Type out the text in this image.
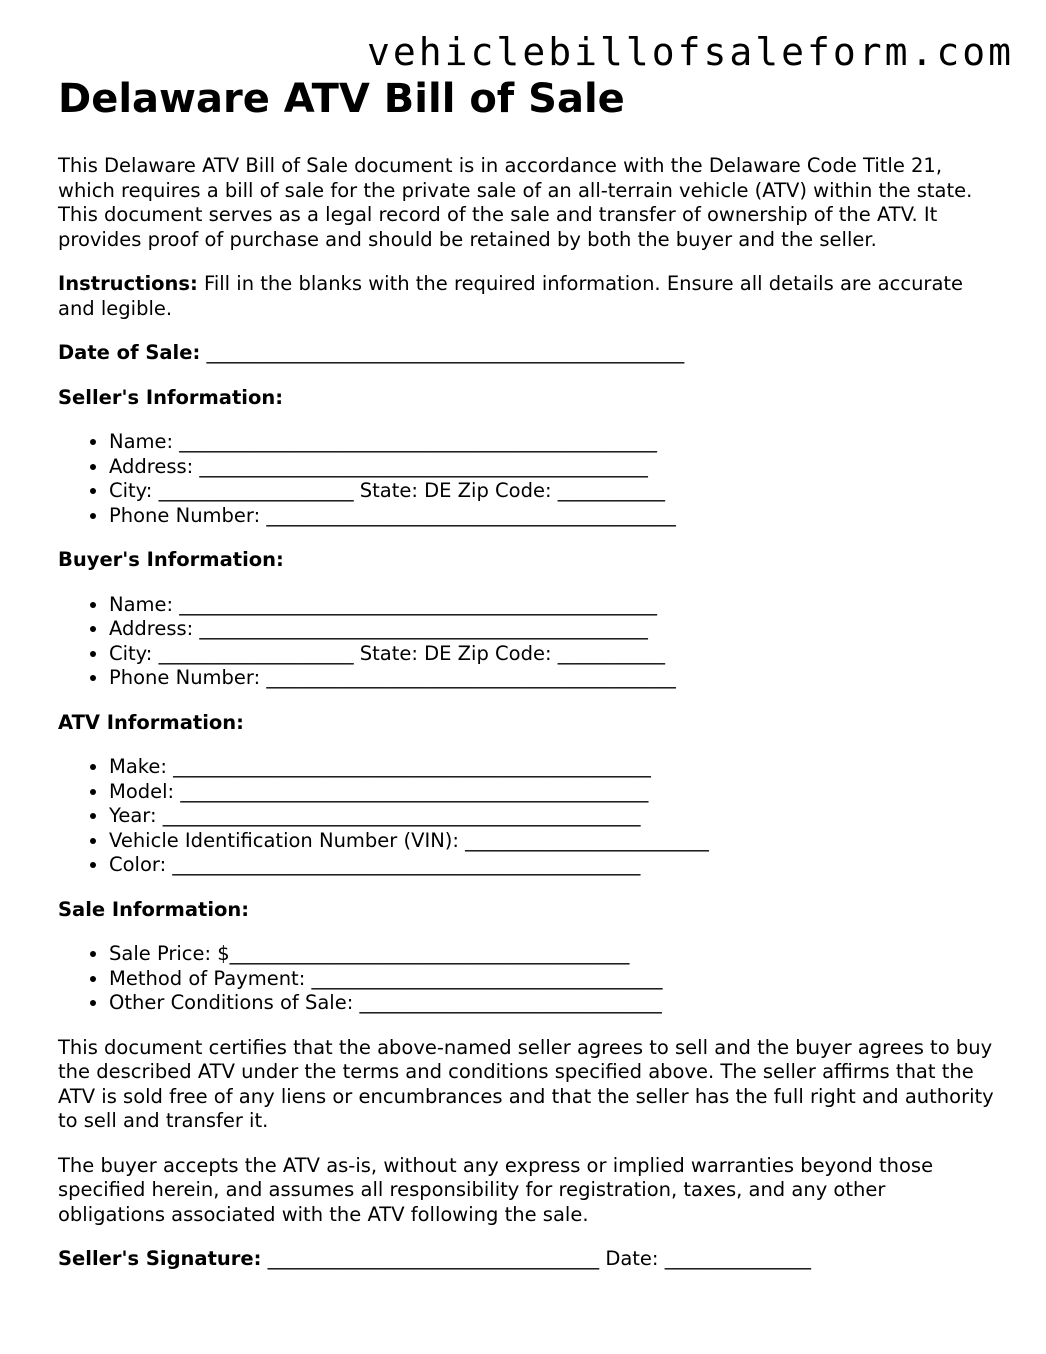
vehiclebillofsaleform.com
Delaware ATV Bill of Sale

This Delaware ATV Bill of Sale document is in accordance with the Delaware Code Title 21, which requires a bill of sale for the private sale of an all-terrain vehicle (ATV) within the state. This document serves as a legal record of the sale and transfer of ownership of the ATV. It provides proof of purchase and should be retained by both the buyer and the seller.

Instructions: Fill in the blanks with the required information. Ensure all details are accurate and legible.

Date of Sale: _________________________________________________
Seller's Information:
• Name: _________________________________________________
• Address: ______________________________________________
• City: ____________________ State: DE Zip Code: ___________
• Phone Number: __________________________________________
Buyer's Information:
• Name: _________________________________________________
• Address: ______________________________________________
• City: ____________________ State: DE Zip Code: ___________
• Phone Number: __________________________________________
ATV Information:
• Make: _________________________________________________
• Model: ________________________________________________
• Year: _________________________________________________
• Vehicle Identification Number (VIN): _________________________
• Color: ________________________________________________
Sale Information:
• Sale Price: $_________________________________________
• Method of Payment: ____________________________________
• Other Conditions of Sale: _______________________________

This document certifies that the above-named seller agrees to sell and the buyer agrees to buy the described ATV under the terms and conditions specified above. The seller affirms that the ATV is sold free of any liens or encumbrances and that the seller has the full right and authority to sell and transfer it.

The buyer accepts the ATV as-is, without any express or implied warranties beyond those specified herein, and assumes all responsibility for registration, taxes, and any other obligations associated with the ATV following the sale.

Seller's Signature: __________________________________ Date: _______________
